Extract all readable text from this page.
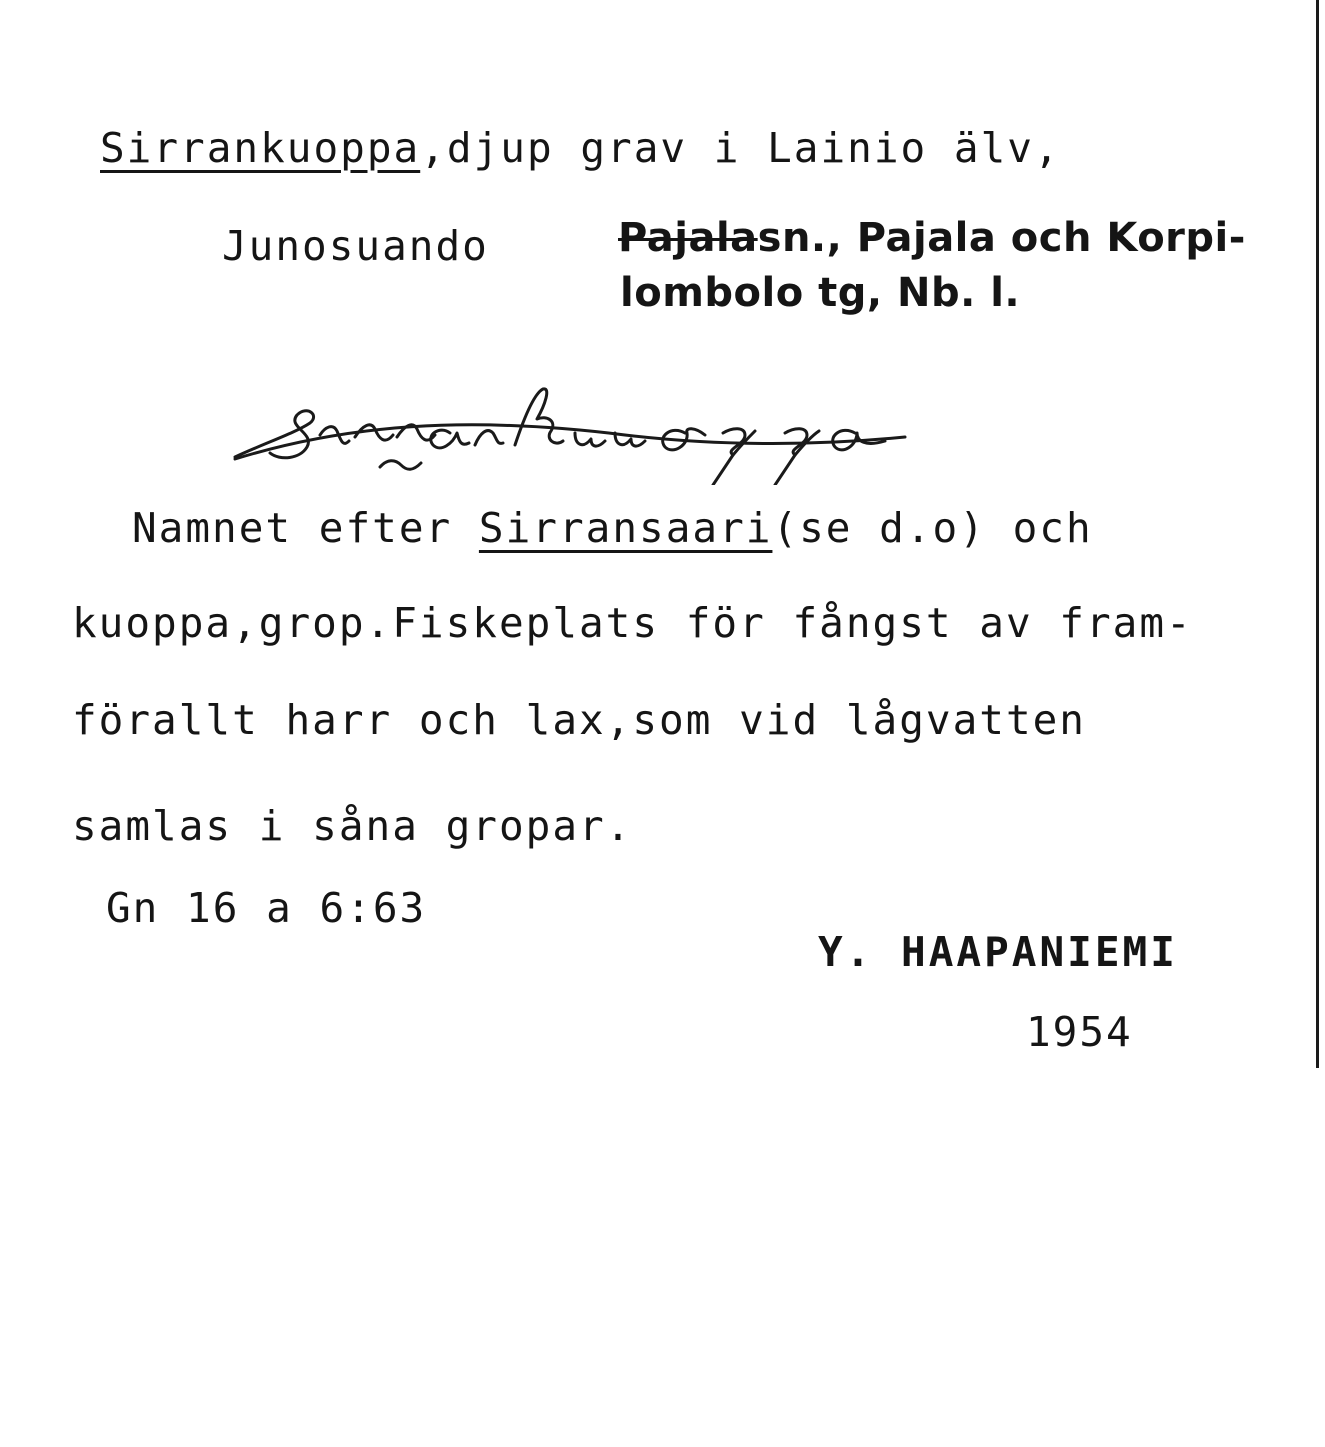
Sirrankuoppa,djup grav i Lainio älv,
Junosuando	Pajalasn., Pajala och Korpi-
lombolo tg, Nb. l.
Namnet efter Sirransaari(se d.o) och
kuoppa,grop.Fiskeplats för fångst av fram-
förallt harr och lax,som vid lågvatten
samlas i såna gropar.
Gn 16 a 6:63
Y. HAAPANIEMI
1954
